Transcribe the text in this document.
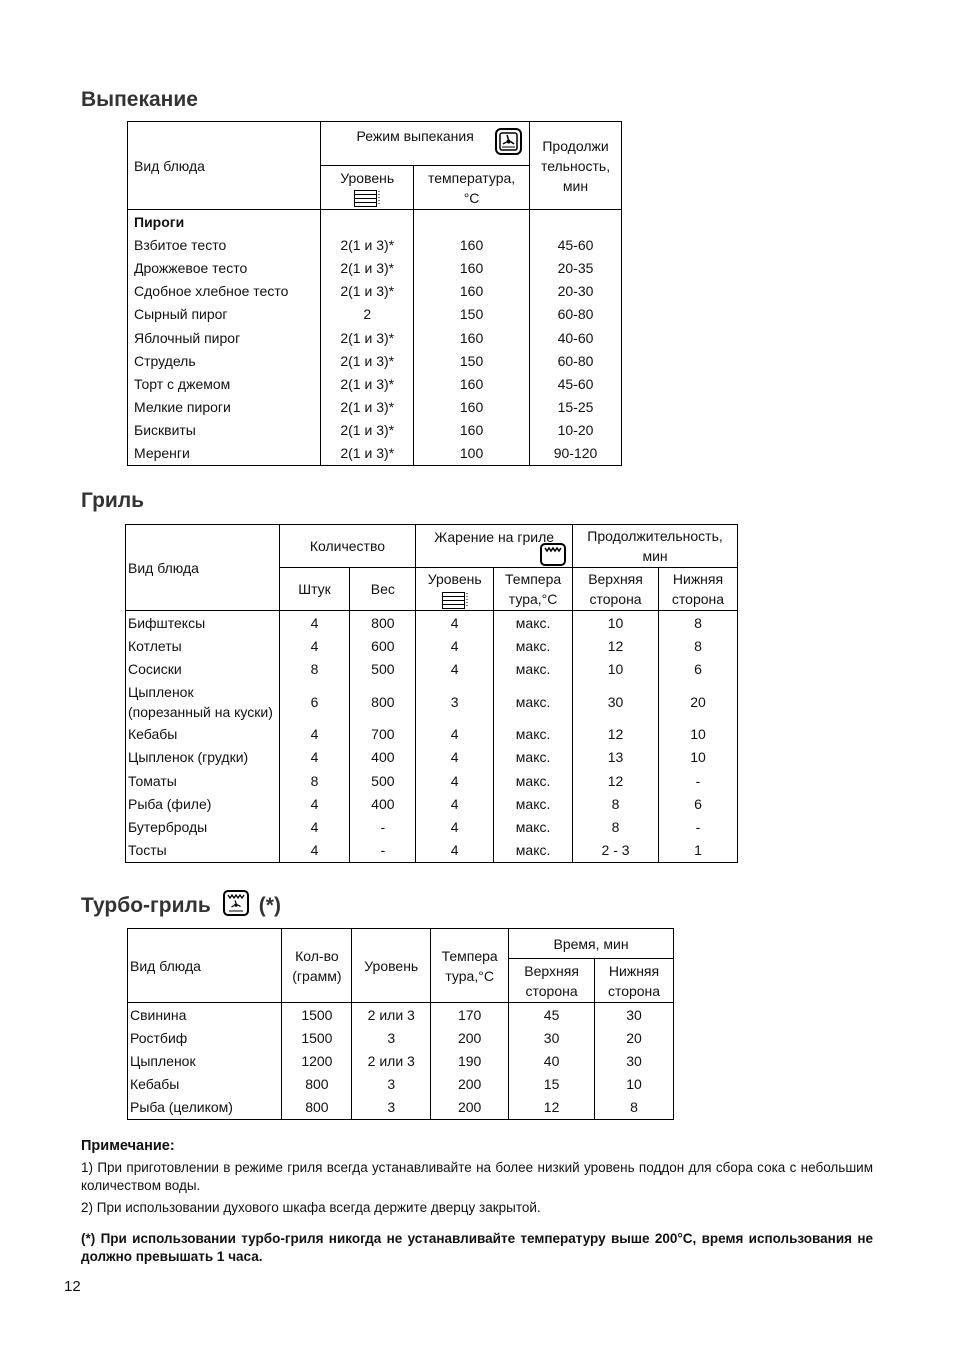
Выпекание
Вид блюда	Режим выпекания		Продолжи тельность, мин

	Уровень	температура, °C	
Пироги			
Взбитое тесто	2(1 и 3)*	160	45-60
Дрожжевое тесто	2(1 и 3)*	160	20-35
Сдобное хлебное тесто	2(1 и 3)*	160	20-30
Сырный пирог	2	150	60-80
Яблочный пирог	2(1 и 3)*	160	40-60
Струдель	2(1 и 3)*	150	60-80
Торт с джемом	2(1 и 3)*	160	45-60
Мелкие пироги	2(1 и 3)*	160	15-25
Бисквиты	2(1 и 3)*	160	10-20
Меренги	2(1 и 3)*	100	90-120
Гриль
Вид блюда	Количество		Жарение на гриле		Продолжительность, мин	
	Штук	Вес	Уровень	Темпера тура,°C	Верхняя сторона	Нижняя сторона
Бифштексы	4	800	4	макс.	10	8
Котлеты	4	600	4	макс.	12	8
Сосиски	8	500	4	макс.	10	6
Цыпленок (порезанный на куски)	6	800	3	макс.	30	20
Кебабы	4	700	4	макс.	12	10
Цыпленок (грудки)	4	400	4	макс.	13	10
Томаты	8	500	4	макс.	12	-
Рыба (филе)	4	400	4	макс.	8	6
Бутерброды	4	-	4	макс.	8	-
Тосты	4	-	4	макс.	2 - 3	1
Турбо-гриль (*)
Вид блюда	Кол-во (грамм)	Уровень	Темпера тура,°C	Время, мин	
				Верхняя сторона	Нижняя сторона
Свинина	1500	2 или 3	170	45	30
Ростбиф	1500	3	200	30	20
Цыпленок	1200	2 или 3	190	40	30
Кебабы	800	3	200	15	10
Рыба (целиком)	800	3	200	12	8
Примечание:
1) При приготовлении в режиме гриля всегда устанавливайте на более низкий уровень поддон для сбора сока с небольшим количеством воды.
2) При использовании духового шкафа всегда держите дверцу закрытой.
(*) При использовании турбо-гриля никогда не устанавливайте температуру выше 200°C, время использования не должно превышать 1 часа.
12
